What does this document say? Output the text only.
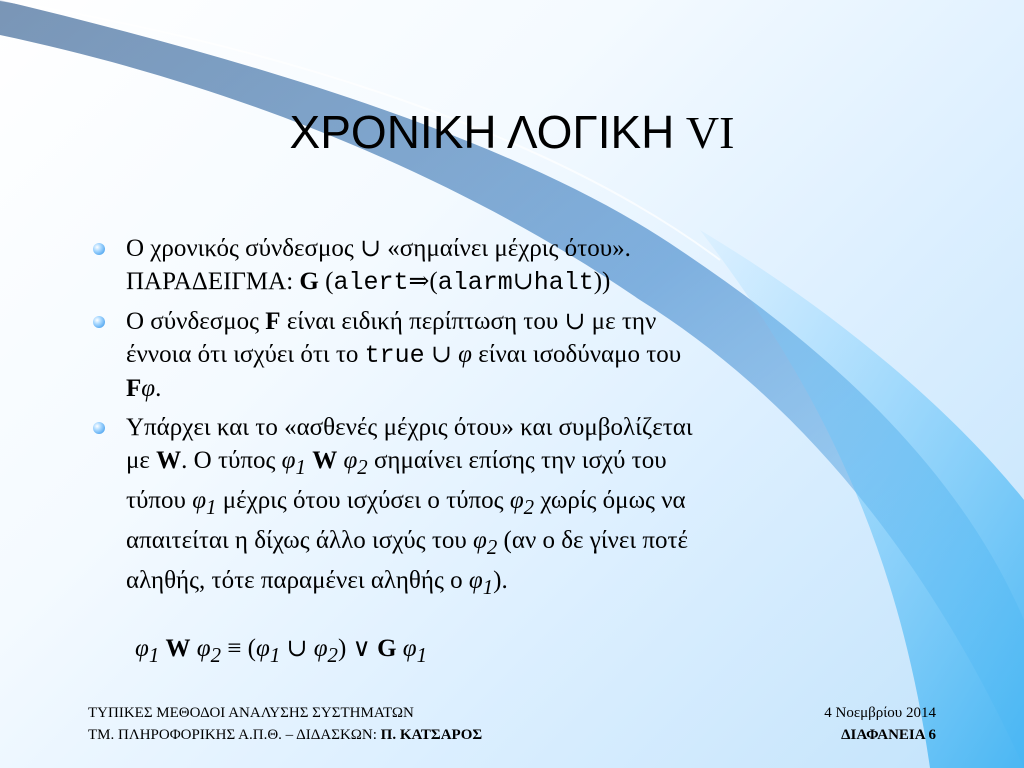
ΧΡΟΝΙΚΗ ΛΟΓΙΚΗ VI
Ο χρονικός σύνδεσμος ∪ «σημαίνει μέχρις ότου».
ΠΑΡΑΔΕΙΓΜΑ: G (alert⇒(alarm∪halt))
Ο σύνδεσμος F είναι ειδική περίπτωση του ∪ με την
έννοια ότι ισχύει ότι το true ∪ φ είναι ισοδύναμο του
Fφ.
Υπάρχει και το «ασθενές μέχρις ότου» και συμβολίζεται
με W. Ο τύπος $\varphi_1$ W $\varphi_2$ σημαίνει επίσης την ισχύ του
τύπου $\varphi_1$ μέχρις ότου ισχύσει ο τύπος $\varphi_2$ χωρίς όμως να
απαιτείται η δίχως άλλο ισχύς του $\varphi_2$ (αν ο δε γίνει ποτέ
αληθής, τότε παραμένει αληθής ο $\varphi_1$).
$\varphi_1$ W $\varphi_2 \equiv (\varphi_1$ ∪ $\varphi_2$) ∨ G $\varphi_1$
ΤΥΠΙΚΕΣ ΜΕΘΟΔΟΙ ΑΝΑΛΥΣΗΣ ΣΥΣΤΗΜΑΤΩΝ
ΤΜ. ΠΛΗΡΟΦΟΡΙΚΗΣ Α.Π.Θ. – ΔΙΔΑΣΚΩΝ: Π. ΚΑΤΣΑΡΟΣ
4 Νοεμβρίου 2014
ΔΙΑΦΑΝΕΙΑ 6
